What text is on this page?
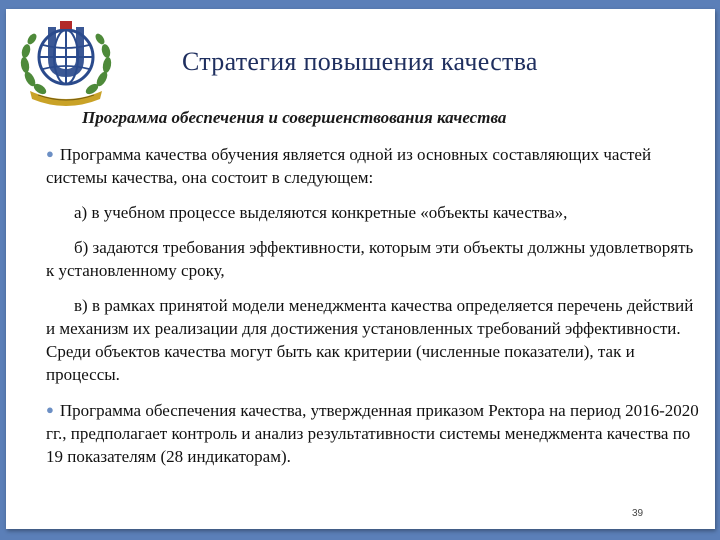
Стратегия повышения качества
Программа обеспечения и совершенствования качества

● Программа качества обучения является одной из основных составляющих частей системы качества, она состоит в следующем:

а) в учебном процессе выделяются конкретные «объекты качества»,

б) задаются требования эффективности, которым эти объекты должны удовлетворять к установленному сроку,

в) в рамках принятой модели менеджмента качества определяется перечень действий и механизм их реализации для достижения установленных требований эффективности. Среди объектов качества могут быть как критерии (численные показатели), так и процессы.

● Программа обеспечения качества, утвержденная приказом Ректора на период 2016-2020 гг., предполагает контроль и анализ результативности системы менеджмента качества по 19 показателям (28 индикаторам).

39
